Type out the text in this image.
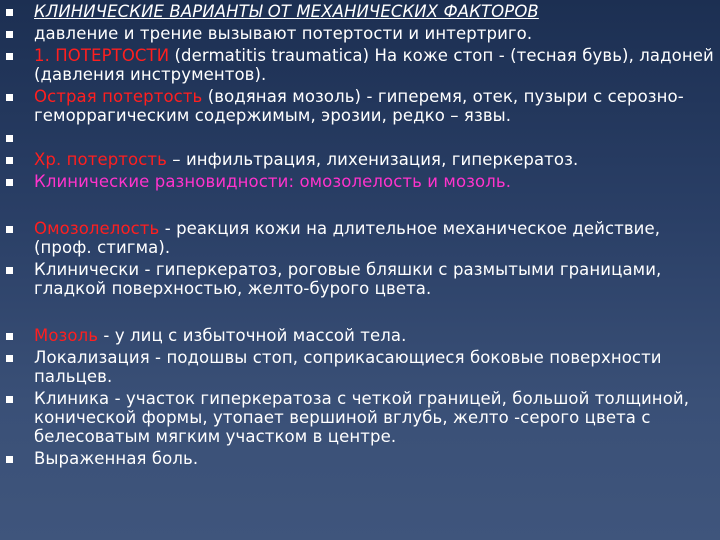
КЛИНИЧЕСКИЕ ВАРИАНТЫ ОТ МЕХАНИЧЕСКИХ ФАКТОРОВ
давление и трение вызывают потертости и интертриго.
1. ПОТЕРТОСТИ (dermatitis traumatica) На коже стоп - (тесная бувь), ладоней (давления инструментов).
Острая потертость (водяная мозоль) - гиперемя, отек, пузыри с серозно-геморрагическим содержимым, эрозии, редко – язвы.
Хр. потертость – инфильтрация, лихенизация, гиперкератоз.
Клинические разновидности: омозолелость и мозоль.
Омозолелость - реакция кожи на длительное механическое действие, (проф. стигма).
Клинически - гиперкератоз, роговые бляшки с размытыми границами, гладкой поверхностью, желто-бурого цвета.
Мозоль - у лиц с избыточной массой тела.
Локализация - подошвы стоп, соприкасающиеся боковые поверхности пальцев.
Клиника - участок гиперкератоза с четкой границей, большой толщиной, конической формы, утопает вершиной вглубь, желто -серого цвета с белесоватым мягким участком в центре.
Выраженная боль.
